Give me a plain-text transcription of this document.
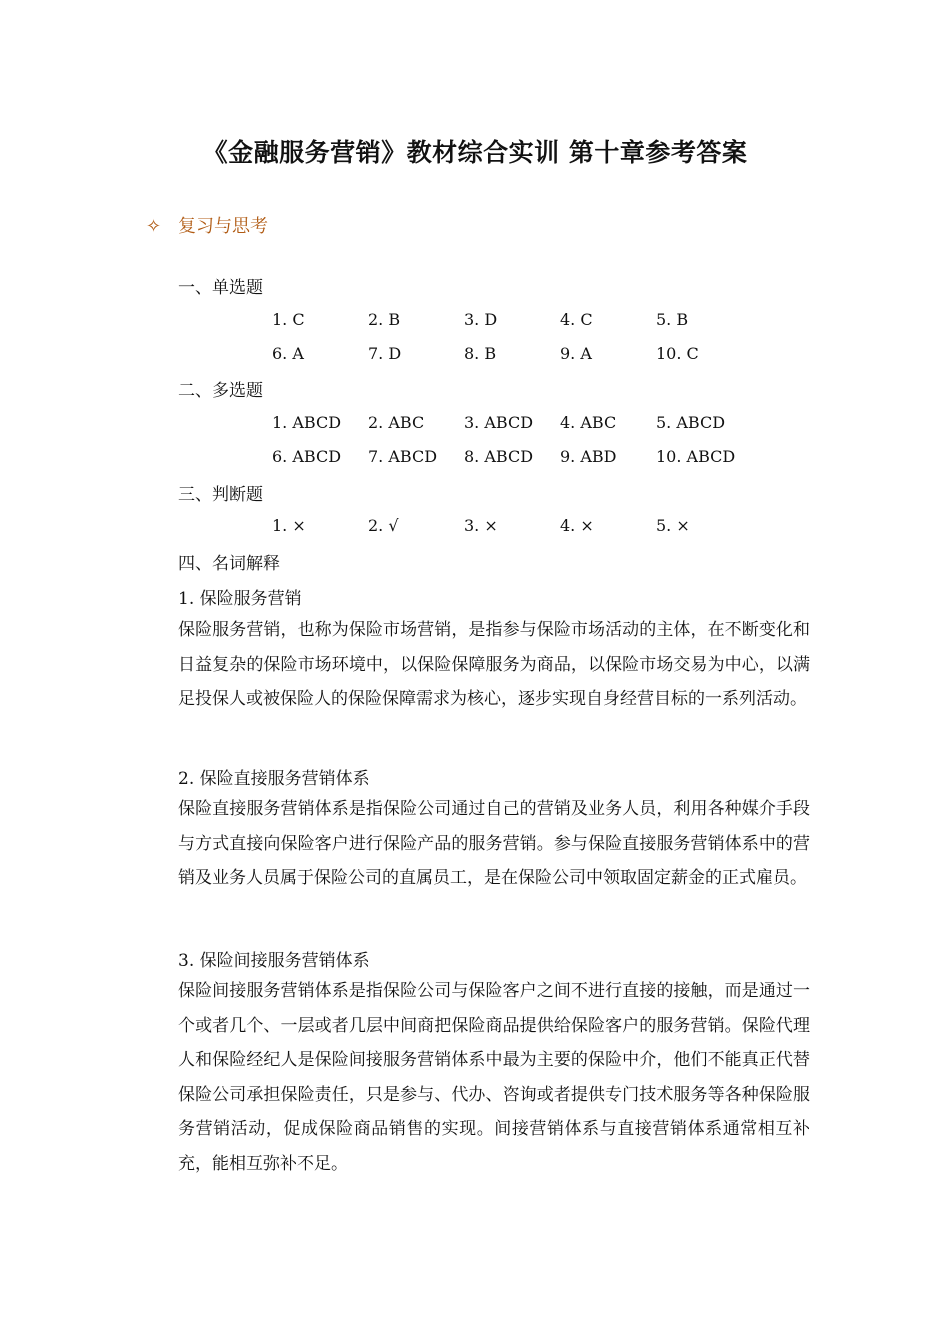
《金融服务营销》教材综合实训 第十章参考答案
✧ 复习与思考
一、单选题
1. C	2. B	3. D	4. C	5. B
6. A	7. D	8. B	9. A	10. C
二、多选题
1. ABCD 2. ABC 3. ABCD 4. ABC 5. ABCD
6. ABCD 7. ABCD 8. ABCD 9. ABD 10. ABCD
三、判断题
1. ×	2. √	3. ×	4. ×	5. ×
四、名词解释
1. 保险服务营销
保险服务营销，也称为保险市场营销，是指参与保险市场活动的主体，在不断变化和日益复杂的保险市场环境中，以保险保障服务为商品，以保险市场交易为中心，以满足投保人或被保险人的保险保障需求为核心，逐步实现自身经营目标的一系列活动。
2. 保险直接服务营销体系
保险直接服务营销体系是指保险公司通过自己的营销及业务人员，利用各种媒介手段与方式直接向保险客户进行保险产品的服务营销。参与保险直接服务营销体系中的营销及业务人员属于保险公司的直属员工，是在保险公司中领取固定薪金的正式雇员。
3. 保险间接服务营销体系
保险间接服务营销体系是指保险公司与保险客户之间不进行直接的接触，而是通过一个或者几个、一层或者几层中间商把保险商品提供给保险客户的服务营销。保险代理人和保险经纪人是保险间接服务营销体系中最为主要的保险中介，他们不能真正代替保险公司承担保险责任，只是参与、代办、咨询或者提供专门技术服务等各种保险服务营销活动，促成保险商品销售的实现。间接营销体系与直接营销体系通常相互补充，能相互弥补不足。
